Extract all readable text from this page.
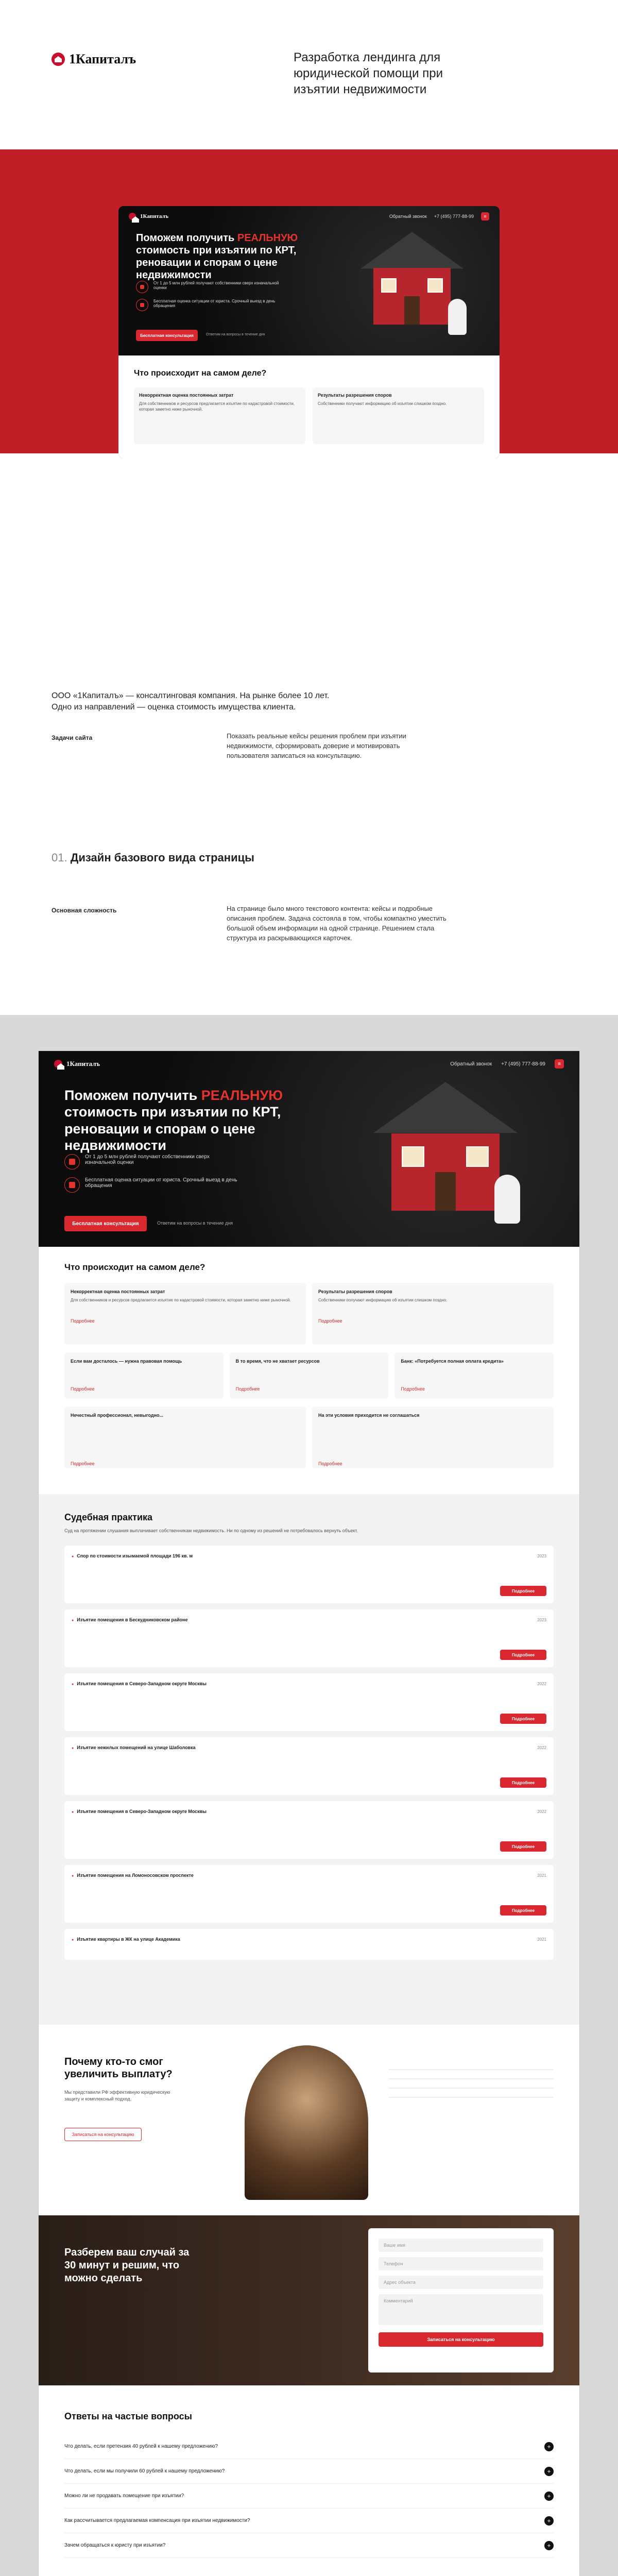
1Капиталъ	Разработка лендинга для юридической помощи при изъятии недвижимости
1Капиталъ	Обратный звонок +7 (495) 777-88-99	≡
Поможем получить РЕАЛЬНУЮ стоимость при изъятии по КРТ, реновации и спорам о цене недвижимости
От 1 до 5 млн рублей получают собственники сверх изначальной оценки
Бесплатная оценка ситуации от юриста. Срочный выезд в день обращения
Бесплатная консультация	Ответим на вопросы в течение дня
Что происходит на самом деле?
Некорректная оценка постоянных затрат
Для собственников и ресурсов предлагается изъятие по кадастровой стоимости, которая заметно ниже рыночной.
Результаты разрешения споров
Собственники получают информацию об изъятии слишком поздно.
ООО «1Капиталъ» — консалтинговая компания. На рынке более 10 лет. Одно из направлений — оценка стоимость имущества клиента.
Задачи сайта	Показать реальные кейсы решения проблем при изъятии недвижимости, сформировать доверие и мотивировать пользователя записаться на консультацию.
01. Дизайн базового вида страницы
Основная сложность	На странице было много текстового контента: кейсы и подробные описания проблем. Задача состояла в том, чтобы компактно уместить большой объем информации на одной странице. Решением стала структура из раскрывающихся карточек.
1Капиталъ	Обратный звонок +7 (495) 777-88-99	≡
Поможем получить РЕАЛЬНУЮ стоимость при изъятии по КРТ, реновации и спорам о цене недвижимости
От 1 до 5 млн рублей получают собственники сверх изначальной оценки
Бесплатная оценка ситуации от юриста. Срочный выезд в день обращения
Бесплатная консультация	Ответим на вопросы в течение дня
Что происходит на самом деле?
Некорректная оценка постоянных затрат
Для собственников и ресурсов предлагается изъятие по кадастровой стоимости, которая заметно ниже рыночной.
Подробнее
Результаты разрешения споров
Собственники получают информацию об изъятии слишком поздно.
Подробнее
Если вам досталось — нужна правовая помощь
Подробнее
В то время, что не хватает ресурсов
Подробнее
Банк: «Потребуется полная оплата кредита»
Подробнее
Нечестный профессионал, невыгодно...
Подробнее
На эти условия приходится не соглашаться
Подробнее
Судебная практика
Суд на протяжении слушания выплачивает собственникам недвижимость. Ни по одному из решений не потребовалось вернуть объект.
● Спор по стоимости изымаемой площади 196 кв. м	2023
Подробнее
● Изъятие помещения в Бескудниковском районе	2023
Подробнее
● Изъятие помещения в Северо-Западном округе Москвы	2022
Подробнее
● Изъятие нежилых помещений на улице Шаболовка	2022
Подробнее
● Изъятие помещения в Северо-Западном округе Москвы	2022
Подробнее
● Изъятие помещения на Ломоносовском проспекте	2021
Подробнее
● Изъятие квартиры в ЖК на улице Академика	2021
Почему кто-то смог увеличить выплату?
Мы представили РФ эффективную юридическую защиту и комплексный подход.
Записаться на консультацию
Разберем ваш случай за 30 минут и решим, что можно сделать
Ваше имя
Телефон
Адрес объекта
Комментарий
Записаться на консультацию
Ответы на частые вопросы
Что делать, если претензия 40 рублей к нашему предложению?	+
Что делать, если мы получили 60 рублей к нашему предложению?	+
Можно ли не продавать помещение при изъятии?	+
Как рассчитывается предлагаемая компенсация при изъятии недвижимости?	+
Зачем обращаться к юристу при изъятии?	+
